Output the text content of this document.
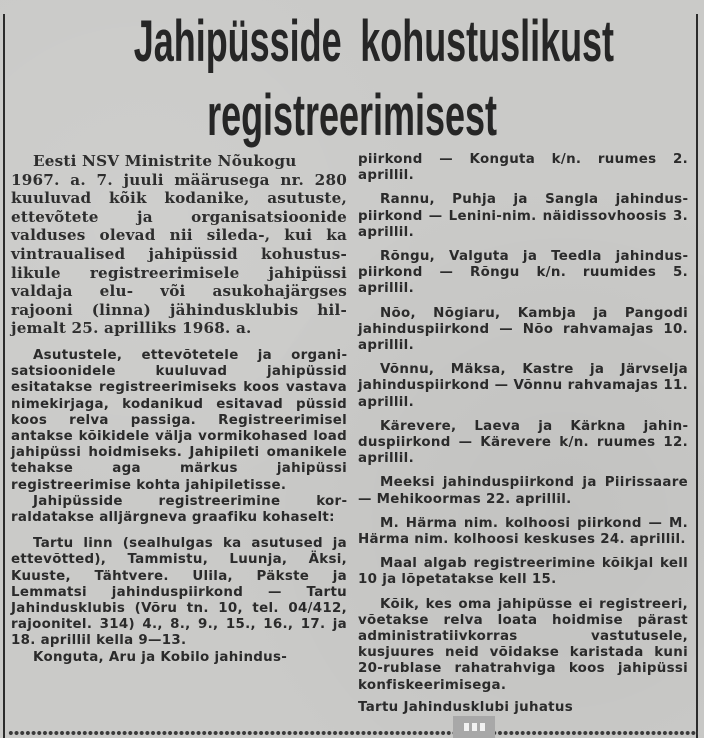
Jahipüsside kohustuslikust
registreerimisest
Eesti NSV Ministrite Nõukogu
1967. a. 7. juuli määrusega nr. 280
kuuluvad kõik kodanike, asutuste,
ettevõtete ja organisatsioonide
valduses olevad nii sileda-, kui ka
vintraualised jahipüssid kohustus-
likule registreerimisele jahipüssi
valdaja elu- või asukohajärgses
rajooni (linna) jähindusklubis hil-
jemalt 25. aprilliks 1968. a.

Asutustele, ettevõtetele ja organisatsioonidele kuuluvad jahipüssid esitatakse registreerimiseks koos vastava nimekirjaga, kodanikud esitavad püssid koos relva passiga. Registreerimisel antakse kõikidele välja vormikohased load jahipüssi hoidmiseks. Jahipileti omanikele tehakse aga märkus jahipüssi registreerimise kohta jahipiletisse.

Jahipüsside registreerimine korraldatakse alljärgneva graafiku kohaselt:

Tartu linn (sealhulgas ka asutused ja ettevõtted), Tammistu, Luunja, Äksi, Kuuste, Tähtvere. Ulila, Päkste ja Lemmatsi jahinduspiirkond — Tartu Jahindusklubis (Võru tn. 10, tel. 04/412, rajoonitel. 314) 4., 8., 9., 15., 16., 17. ja 18. aprillil kella 9—13.

Konguta, Aru ja Kobilo jahindus-

piirkond — Konguta k/n. ruumes 2. aprillil.

Rannu, Puhja ja Sangla jahinduspiirkond — Lenini-nim. näidissovhoosis 3. aprillil.

Rõngu, Valguta ja Teedla jahinduspiirkond — Rõngu k/n. ruumides 5. aprillil.

Nõo, Nõgiaru, Kambja ja Pangodi jahinduspiirkond — Nõo rahvamajas 10. aprillil.

Võnnu, Mäksa, Kastre ja Järvselja jahinduspiirkond — Võnnu rahvamajas 11. aprillil.

Kärevere, Laeva ja Kärkna jahinduspiirkond — Kärevere k/n. ruumes 12. aprillil.

Meeksi jahinduspiirkond ja Piirissaare — Mehikoormas 22. aprillil.

M. Härma nim. kolhoosi piirkond — M. Härma nim. kolhoosi keskuses 24. aprillil.

Maal algab registreerimine kõikjal kell 10 ja lõpetatakse kell 15.

Kõik, kes oma jahipüsse ei registreeri, võetakse relva loata hoidmise pärast administratiivkorras vastutusele, kusjuures neid võidakse karistada kuni 20-rublase rahatrahviga koos jahipüssi konfiskeerimisega.

Tartu Jahindusklubi juhatus
